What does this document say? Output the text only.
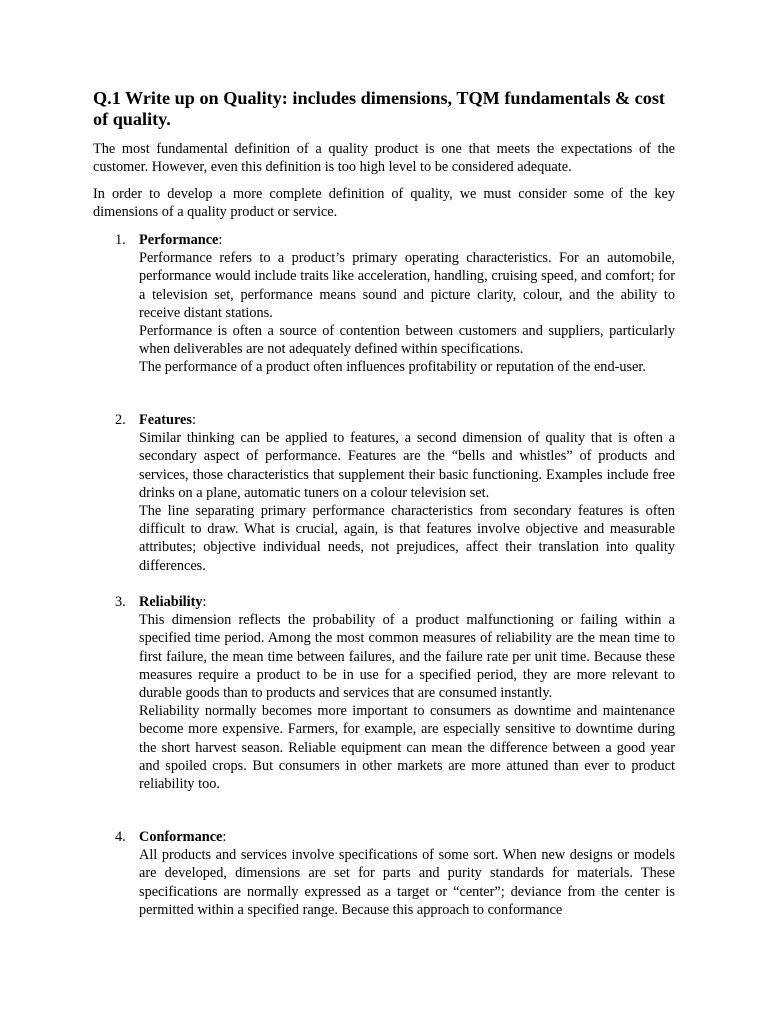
Q.1 Write up on Quality: includes dimensions, TQM fundamentals & cost of quality.

The most fundamental definition of a quality product is one that meets the expectations of the customer. However, even this definition is too high level to be considered adequate.

In order to develop a more complete definition of quality, we must consider some of the key dimensions of a quality product or service.

1. Performance:

Performance refers to a product’s primary operating characteristics. For an automobile, performance would include traits like acceleration, handling, cruising speed, and comfort; for a television set, performance means sound and picture clarity, colour, and the ability to receive distant stations.

Performance is often a source of contention between customers and suppliers, particularly when deliverables are not adequately defined within specifications.

The performance of a product often influences profitability or reputation of the end-user.

2. Features:

Similar thinking can be applied to features, a second dimension of quality that is often a secondary aspect of performance. Features are the “bells and whistles” of products and services, those characteristics that supplement their basic functioning. Examples include free drinks on a plane, automatic tuners on a colour television set.

The line separating primary performance characteristics from secondary features is often difficult to draw. What is crucial, again, is that features involve objective and measurable attributes; objective individual needs, not prejudices, affect their translation into quality differences.

3. Reliability:

This dimension reflects the probability of a product malfunctioning or failing within a specified time period. Among the most common measures of reliability are the mean time to first failure, the mean time between failures, and the failure rate per unit time. Because these measures require a product to be in use for a specified period, they are more relevant to durable goods than to products and services that are consumed instantly.

Reliability normally becomes more important to consumers as downtime and maintenance become more expensive. Farmers, for example, are especially sensitive to downtime during the short harvest season. Reliable equipment can mean the difference between a good year and spoiled crops. But consumers in other markets are more attuned than ever to product reliability too.

4. Conformance:

All products and services involve specifications of some sort. When new designs or models are developed, dimensions are set for parts and purity standards for materials. These specifications are normally expressed as a target or “center”; deviance from the center is permitted within a specified range. Because this approach to conformance
